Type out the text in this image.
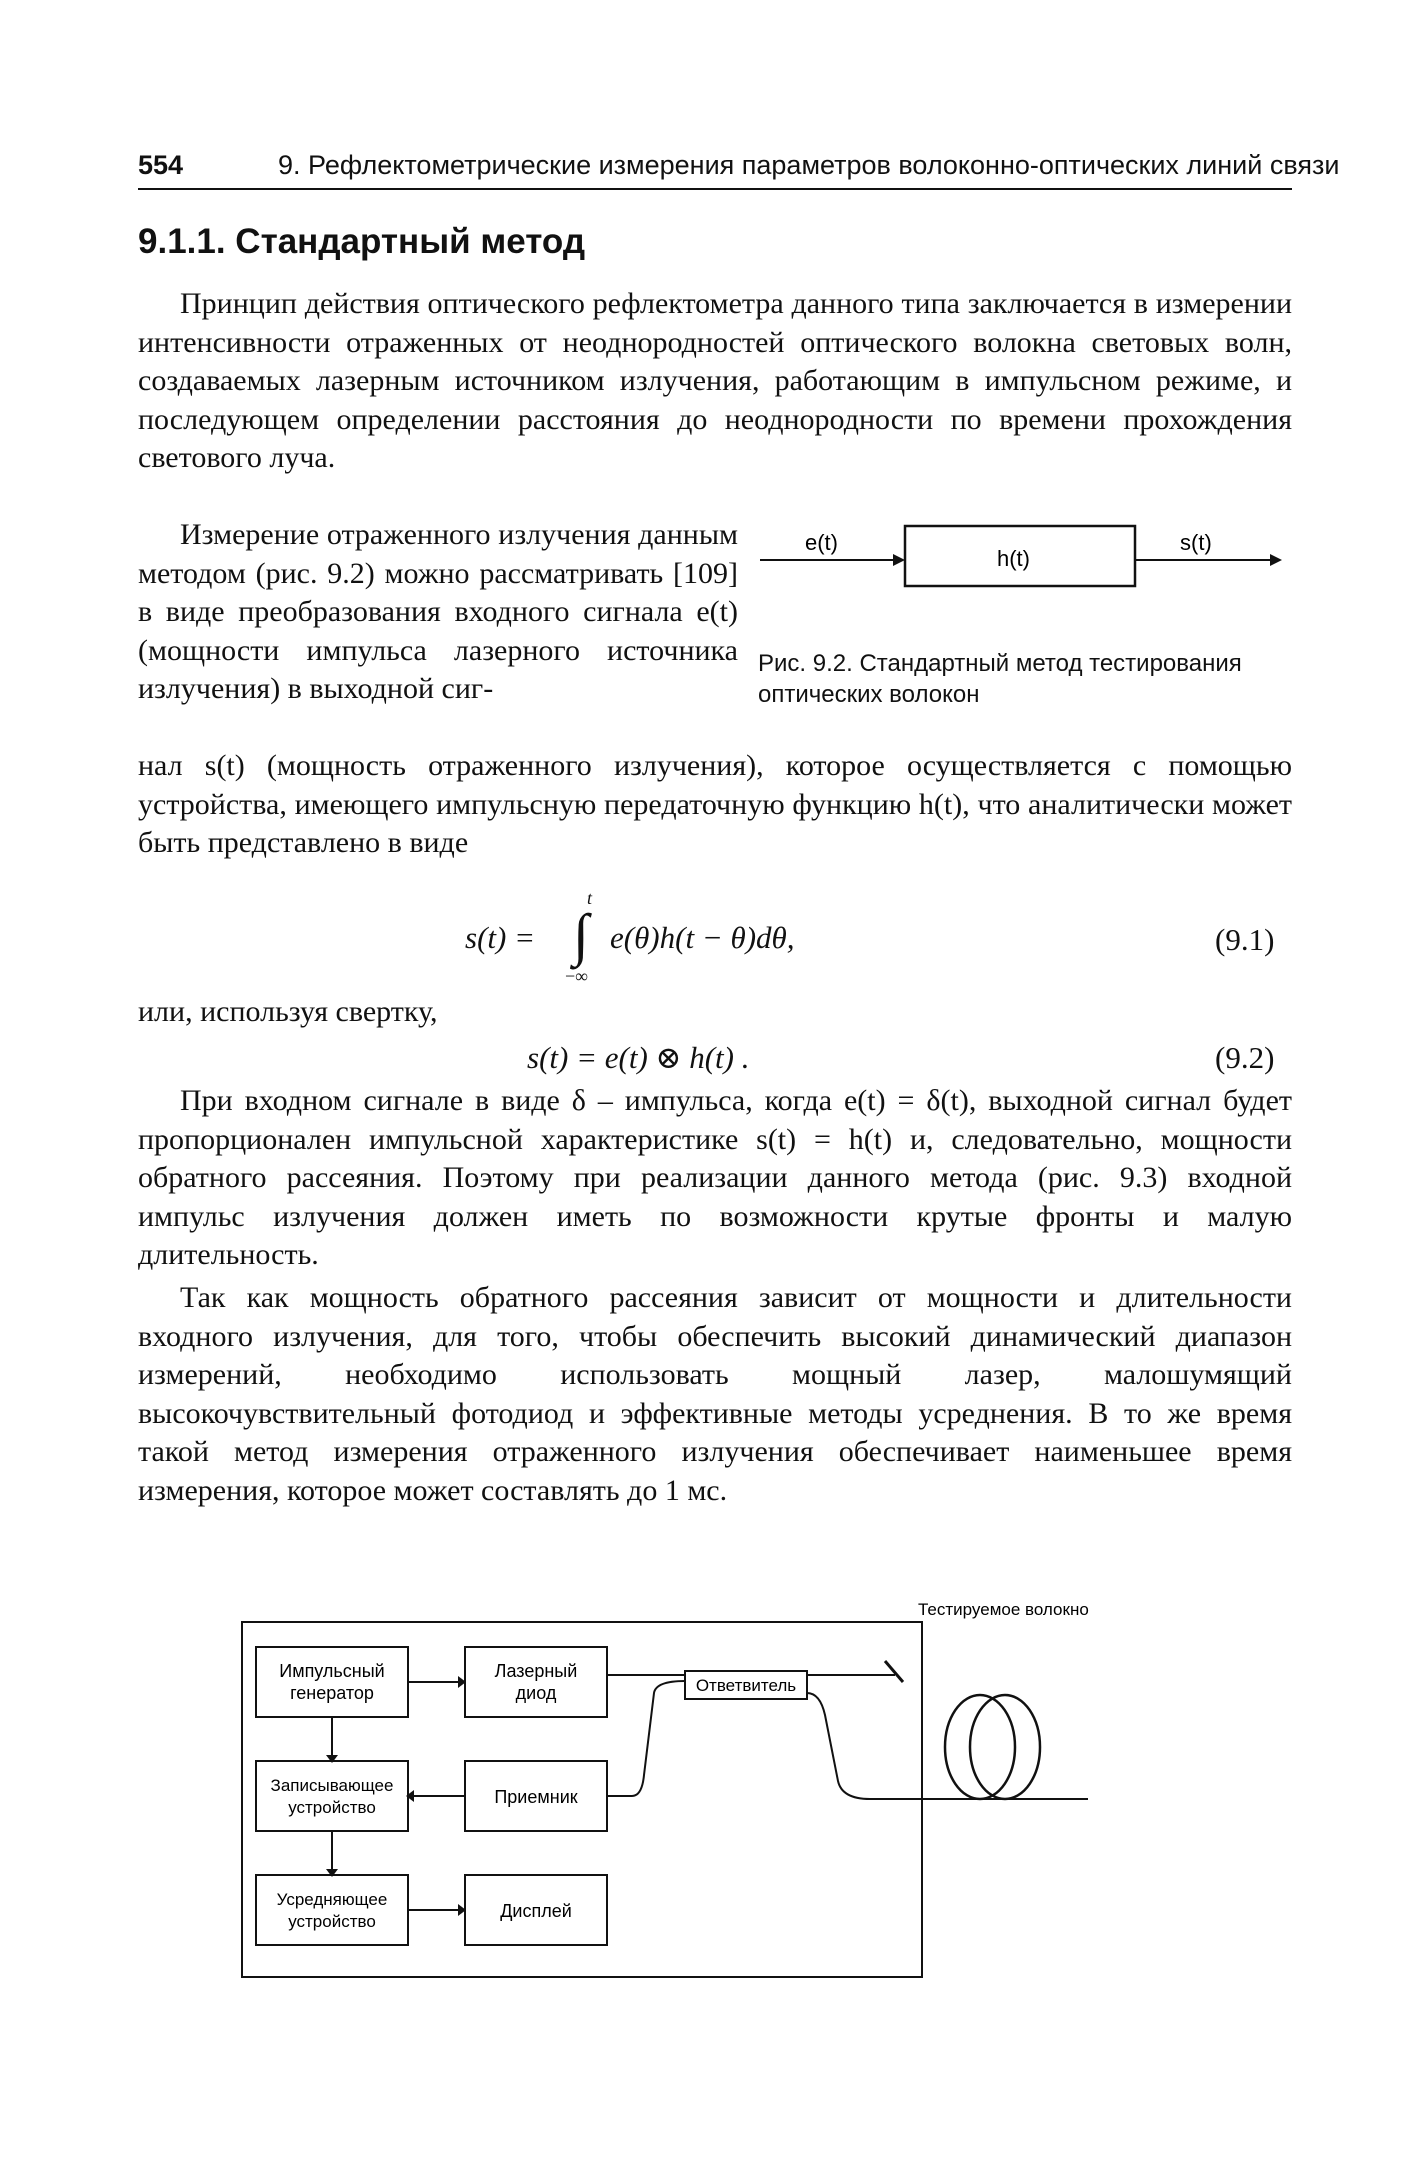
554	9. Рефлектометрические измерения параметров волоконно-оптических линий связи
9.1.1. Стандартный метод

Принцип действия оптического рефлектометра данного типа заключается в измерении интенсивности отраженных от неоднородностей оптического волокна световых волн, создаваемых лазерным источником излучения, работающим в импульсном режиме, и последующем определении расстояния до неоднородности по времени прохождения светового луча.

Измерение отраженного излучения данным методом (рис. 9.2) можно рассматривать [109] в виде преобразования входного сигнала e(t) (мощности импульса лазерного источника излучения) в выходной сиг-

e(t)
h(t)
s(t)
Рис. 9.2. Стандартный метод тестирования
оптических волокон

нал s(t) (мощность отраженного излучения), которое осуществляется с помощью устройства, имеющего импульсную передаточную функцию h(t), что аналитически может быть представлено в виде

s(t) =
t
∫
−∞
e(θ)h(t − θ)dθ,	(9.1)
или, используя свертку,
s(t) = e(t) ⊗ h(t) .	(9.2)

При входном сигнале в виде δ – импульса, когда e(t) = δ(t), выходной сигнал будет пропорционален импульсной характеристике s(t) = h(t) и, следовательно, мощности обратного рассеяния. Поэтому при реализации данного метода (рис. 9.3) входной импульс излучения должен иметь по возможности крутые фронты и малую длительность.

Так как мощность обратного рассеяния зависит от мощности и длительности входного излучения, для того, чтобы обеспечить высокий динамический диапазон измерений, необходимо использовать мощный лазер, малошумящий высокочувствительный фотодиод и эффективные методы усреднения. В то же время такой метод измерения отраженного излучения обеспечивает наименьшее время измерения, которое может составлять до 1 мс.

Импульсный
генератор
Лазерный
диод
Записывающее
устройство
Приемник
Усредняющее
устройство
Дисплей
Ответвитель
Тестируемое волокно
